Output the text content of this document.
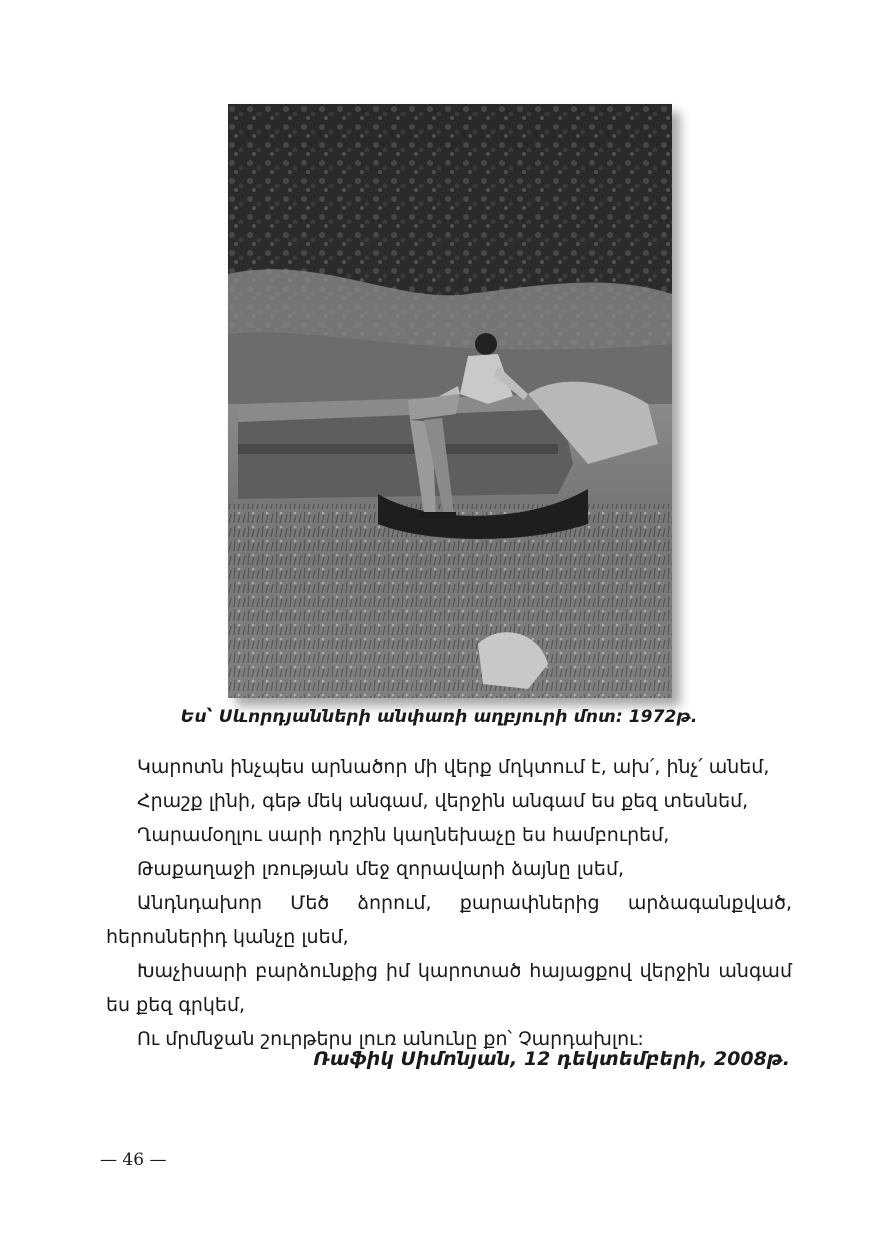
Ես՝ Սևորդյանների անփառի աղբյուրի մոտ: 1972թ.

Կարոտն ինչպես արնածոր մի վերք մղկտում է, ախ՛, ինչ՛ անեմ,

Հրաշք լինի, գեթ մեկ անգամ, վերջին անգամ ես քեզ տեսնեմ,

Ղարամօղլու սարի դոշին կաղնեխաչը ես համբուրեմ,

Թաքաղաջի լռության մեջ զորավարի ձայնը լսեմ,

Անդնդախոր Մեծ ձորում, քարափներից արձագանքված,
հերոսներիդ կանչը լսեմ,

Խաչիսարի բարձունքից իմ կարոտած հայացքով վերջին անգամ
ես քեզ գրկեմ,

Ու մրմնջան շուրթերս լուռ անունը քո՝ Չարդախլու:

Ռաֆիկ Սիմոնյան, 12 դեկտեմբերի, 2008թ.
— 46 —
